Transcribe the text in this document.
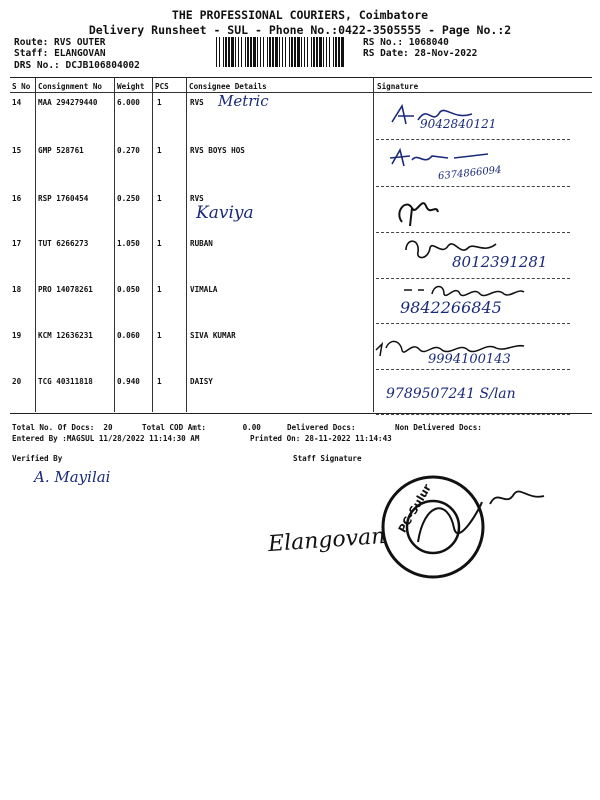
THE PROFESSIONAL COURIERS, Coimbatore
Delivery Runsheet - SUL - Phone No.:0422-3505555 - Page No.:2
Route: RVS OUTER
Staff: ELANGOVAN
DRS No.: DCJB106804002
RS No.: 1068040
RS Date: 28-Nov-2022
S No Consignment No Weight PCS	Consignee Details	Signature
14 MAA 294279440	6.000 1	RVS Metric
9042840121
15 GMP 528761	0.270 1	RVS BOYS HOS
6374866094
16 RSP 1760454	0.250 1	RVS
Kaviya
17 TUT 6266273	1.050 1	RUBAN
8012391281
18 PRO 14078261	0.050 1	VIMALA
9842266845
19 KCM 12636231	0.060 1	SIVA KUMAR
9994100143
20 TCG 40311818	0.940 1	DAISY
9789507241 S/lan
Total No. Of Docs:  20	Total COD Amt:        0.00	Delivered Docs:	Non Delivered Docs:
Entered By :MAGSUL 11/28/2022 11:14:30 AM	Printed On: 28-11-2022 11:14:43
Verified By	Staff Signature
A. Mayilai
Elangovan
PC-Sulur
